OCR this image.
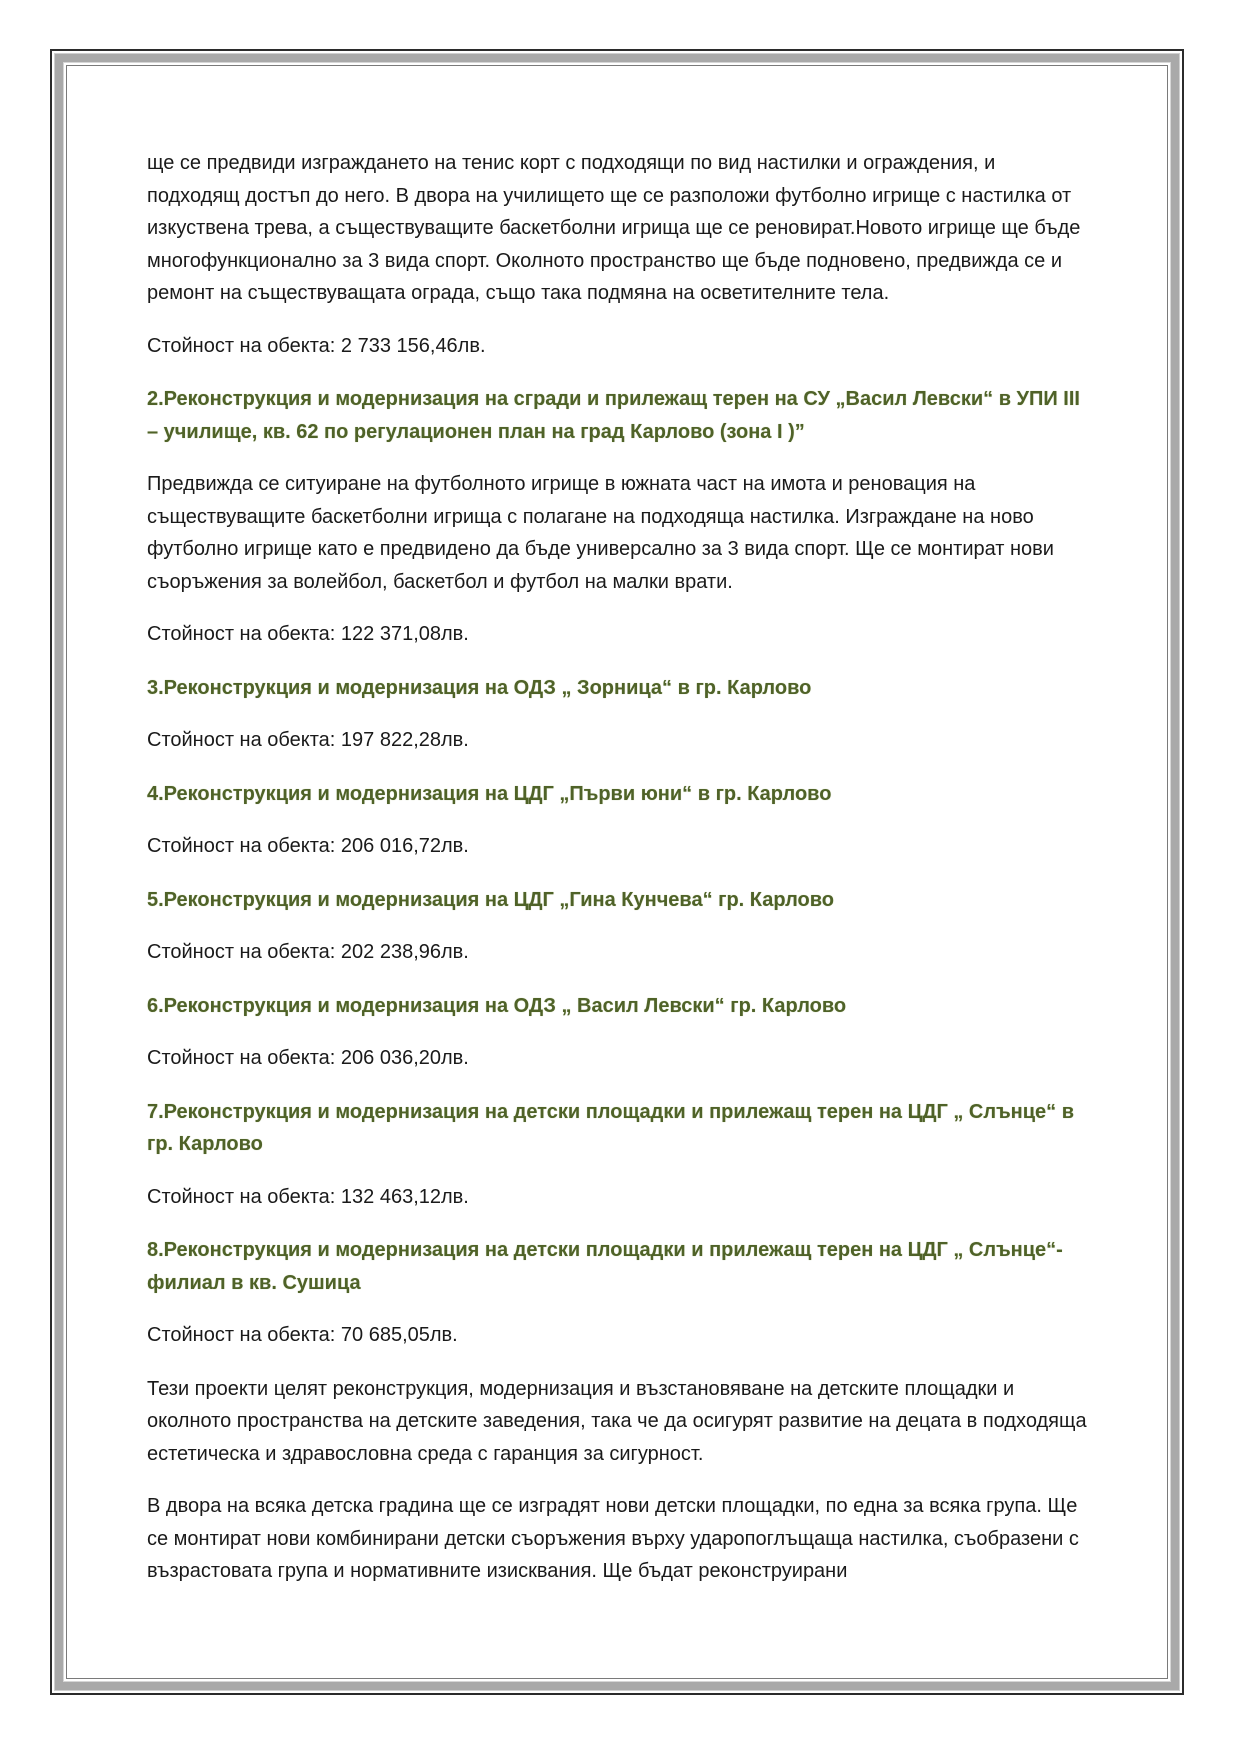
ще се предвиди изграждането на тенис корт с подходящи по вид настилки и ограждения, и подходящ достъп до него. В двора на училището ще се разположи футболно игрище с настилка от изкуствена трева, а съществуващите баскетболни игрища ще се реновират.Новото игрище ще бъде многофункционално за 3 вида спорт. Околното пространство ще бъде подновено, предвижда се и ремонт на съществуващата ограда, също така подмяна на осветителните тела.

Стойност на обекта: 2 733 156,46лв.

2.Реконструкция и модернизация на сгради и прилежащ терен на СУ „Васил Левски“ в УПИ III – училище, кв. 62 по регулационен план на град Карлово (зона I )”

Предвижда се ситуиране на футболното игрище в южната част на имота и реновация на съществуващите баскетболни игрища с полагане на подходяща настилка. Изграждане на ново футболно игрище като е предвидено да бъде универсално за 3 вида спорт. Ще се монтират нови съоръжения за волейбол, баскетбол и футбол на малки врати.

Стойност на обекта: 122 371,08лв.

3.Реконструкция и модернизация на ОДЗ „ Зорница“ в гр. Карлово

Стойност на обекта: 197 822,28лв.

4.Реконструкция и модернизация на ЦДГ „Първи юни“ в гр. Карлово

Стойност на обекта: 206 016,72лв.

5.Реконструкция и модернизация на ЦДГ „Гина Кунчева“ гр. Карлово

Стойност на обекта: 202 238,96лв.

6.Реконструкция и модернизация на ОДЗ „ Васил Левски“ гр. Карлово

Стойност на обекта: 206 036,20лв.

7.Реконструкция и модернизация на детски площадки и прилежащ терен на ЦДГ „ Слънце“ в гр. Карлово

Стойност на обекта: 132 463,12лв.

8.Реконструкция и модернизация на детски площадки и прилежащ терен на ЦДГ „ Слънце“- филиал в кв. Сушица

Стойност на обекта: 70 685,05лв.

Тези проекти целят реконструкция, модернизация и възстановяване на детските площадки и околното пространства на детските заведения, така че да осигурят развитие на децата в подходяща естетическа и здравословна среда с гаранция за сигурност.

В двора на всяка детска градина ще се изградят нови детски площадки, по една за всяка група. Ще се монтират нови комбинирани детски съоръжения върху ударопоглъщаща настилка, съобразени с възрастовата група и нормативните изисквания. Ще бъдат реконструирани
